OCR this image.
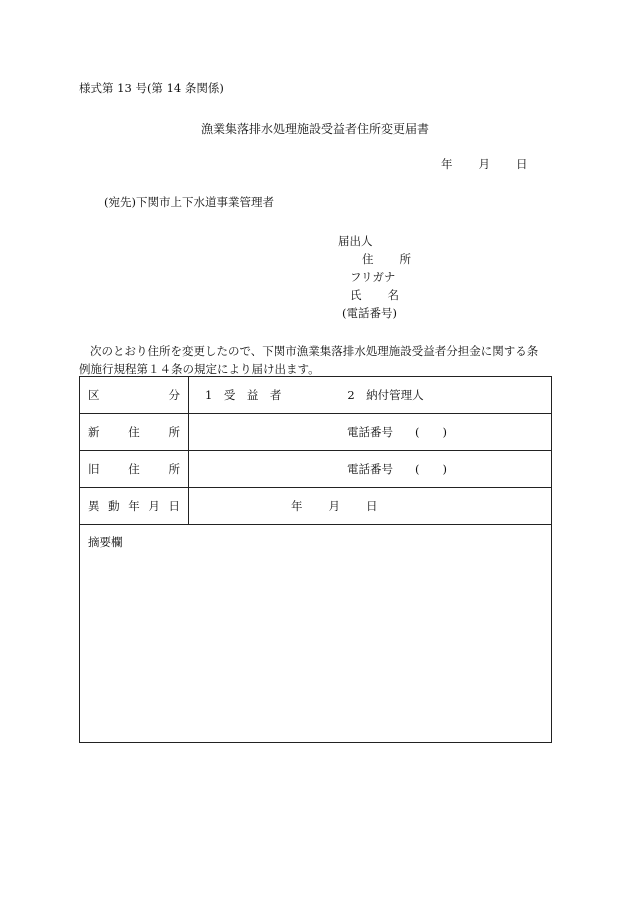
様式第 13 号(第 14 条関係)
漁業集落排水処理施設受益者住所変更届書
年 月 日
(宛先)下関市上下水道事業管理者
届出人
住 所
フリガナ
氏 名
(電話番号)

次のとおり住所を変更したので、下関市漁業集落排水処理施設受益者分担金に関する条

例施行規程第１４条の規定により届け出ます。

区 分	1　受　益　者 2　納付管理人

新 住 所	電話番号 (　　)

旧 住 所	電話番号 (　　)

異 動 年 月 日	年 月 日
摘要欄	
